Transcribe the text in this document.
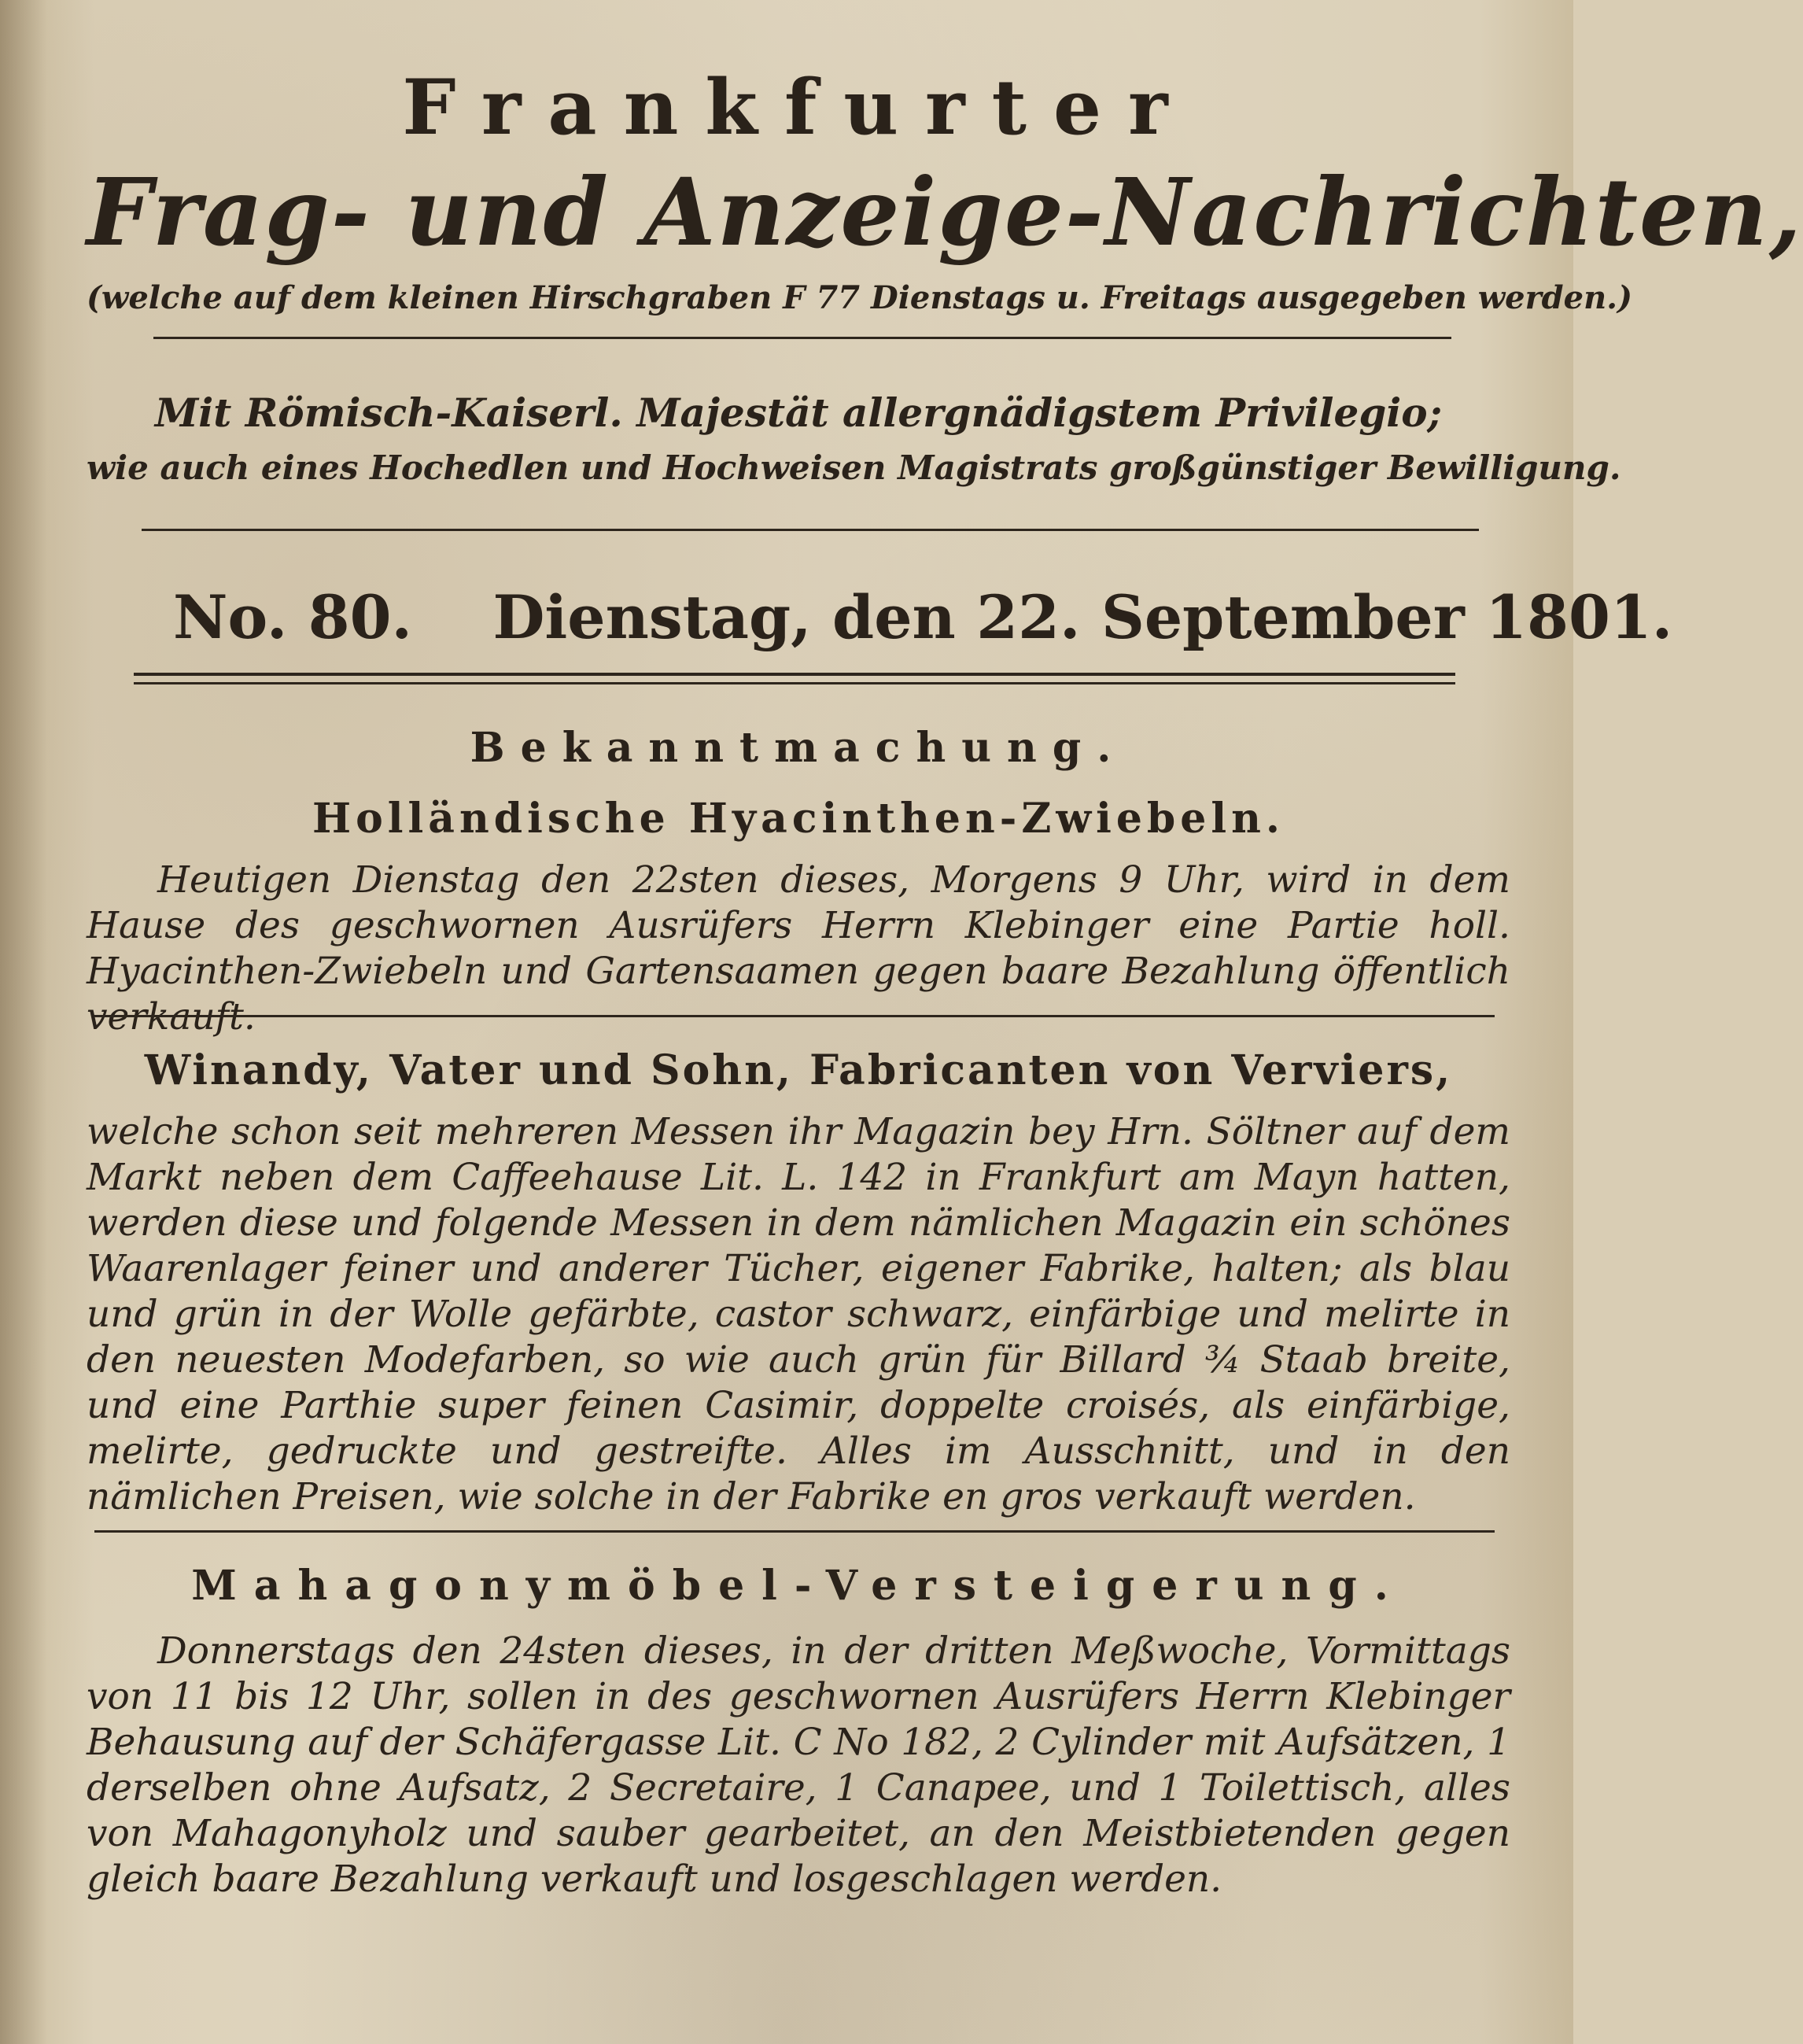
Frankfurter
Frag- und Anzeige-Nachrichten,
(welche auf dem kleinen Hirschgraben F 77 Dienstags u. Freitags ausgegeben werden.)
Mit Römisch-Kaiserl. Majestät allergnädigstem Privilegio;
wie auch eines Hochedlen und Hochweisen Magistrats großgünstiger Bewilligung.
No. 80. Dienstag, den 22. September 1801.
Bekanntmachung.
Holländische Hyacinthen-Zwiebeln.

Heutigen Dienstag den 22sten dieses, Morgens 9 Uhr, wird in dem Hause des geschwornen Ausrüfers Herrn Klebinger eine Partie holl. Hyacinthen-Zwiebeln und Gartensaamen gegen baare Bezahlung öffentlich verkauft.

Winandy, Vater und Sohn, Fabricanten von Verviers,

welche schon seit mehreren Messen ihr Magazin bey Hrn. Söltner auf dem Markt neben dem Caffeehause Lit. L. 142 in Frankfurt am Mayn hatten, werden diese und folgende Messen in dem nämlichen Magazin ein schönes Waarenlager feiner und anderer Tücher, eigener Fabrike, halten; als blau und grün in der Wolle gefärbte, castor schwarz, einfärbige und melirte in den neuesten Modefarben, so wie auch grün für Billard ¾ Staab breite, und eine Parthie super feinen Casimir, doppelte croisés, als einfärbige, melirte, gedruckte und gestreifte. Alles im Ausschnitt, und in den nämlichen Preisen, wie solche in der Fabrike en gros verkauft werden.

Mahagonymöbel-Versteigerung.

Donnerstags den 24sten dieses, in der dritten Meßwoche, Vormittags von 11 bis 12 Uhr, sollen in des geschwornen Ausrüfers Herrn Klebinger Behausung auf der Schäfergasse Lit. C No 182, 2 Cylinder mit Aufsätzen, 1 derselben ohne Aufsatz, 2 Secretaire, 1 Canapee, und 1 Toilettisch, alles von Mahagonyholz und sauber gearbeitet, an den Meistbietenden gegen gleich baare Bezahlung verkauft und losgeschlagen werden.
